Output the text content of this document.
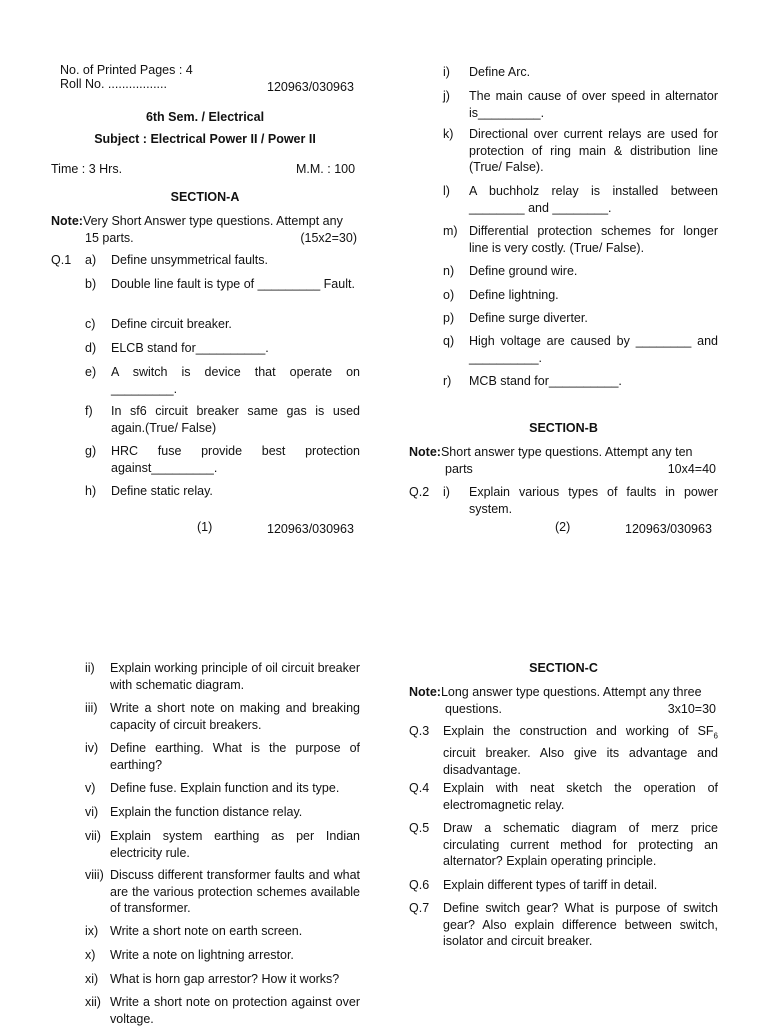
No. of Printed Pages : 4
Roll No. .................	120963/030963
6th Sem. / Electrical
Subject : Electrical Power II / Power II
Time : 3 Hrs.	M.M. : 100
SECTION-A
Note:Very Short Answer type questions. Attempt any
15 parts.	(15x2=30)
Q.1 a)	Define unsymmetrical faults.
b)	Double line fault is type of _________ Fault.
c)	Define circuit breaker.
d)	ELCB stand for__________.
e)	A switch is device that operate on _________.
f)	In sf6 circuit breaker same gas is used again.(True/ False)
g)	HRC fuse provide best protection against_________.
h)	Define static relay.
(1)	120963/030963
i)	Define Arc.
j)	The main cause of over speed in alternator is_________.
k)	Directional over current relays are used for protection of ring main & distribution line (True/ False).
l)	A buchholz relay is installed between ________ and ________.
m) Differential protection schemes for longer line is very costly. (True/ False).
n)	Define ground wire.
o)	Define lightning.
p)	Define surge diverter.
q)	High voltage are caused by ________ and __________.
r)	MCB stand for__________.
SECTION-B
Note:Short answer type questions. Attempt any ten
parts	10x4=40
Q.2 i)	Explain various types of faults in power system.
(2)	120963/030963
ii)	Explain working principle of oil circuit breaker with schematic diagram.
iii)	Write a short note on making and breaking capacity of circuit breakers.
iv) Define earthing. What is the purpose of earthing?
v)	Define fuse. Explain function and its type.
vi) Explain the function distance relay.
vii) Explain system earthing as per Indian electricity rule.
viii) Discuss different transformer faults and what are the various protection schemes available of transformer.
ix) Write a short note on earth screen.
x)	Write a note on lightning arrestor.
xi) What is horn gap arrestor? How it works?
xii) Write a short note on protection against over voltage.
SECTION-C
Note:Long answer type questions. Attempt any three
questions.	3x10=30
Q.3	Explain the construction and working of $SF_6$ circuit breaker. Also give its advantage and disadvantage.
Q.4	Explain with neat sketch the operation of electromagnetic relay.
Q.5	Draw a schematic diagram of merz price circulating current method for protecting an alternator? Explain operating principle.
Q.6	Explain different types of tariff in detail.
Q.7	Define switch gear? What is purpose of switch gear? Also explain difference between switch, isolator and circuit breaker.
